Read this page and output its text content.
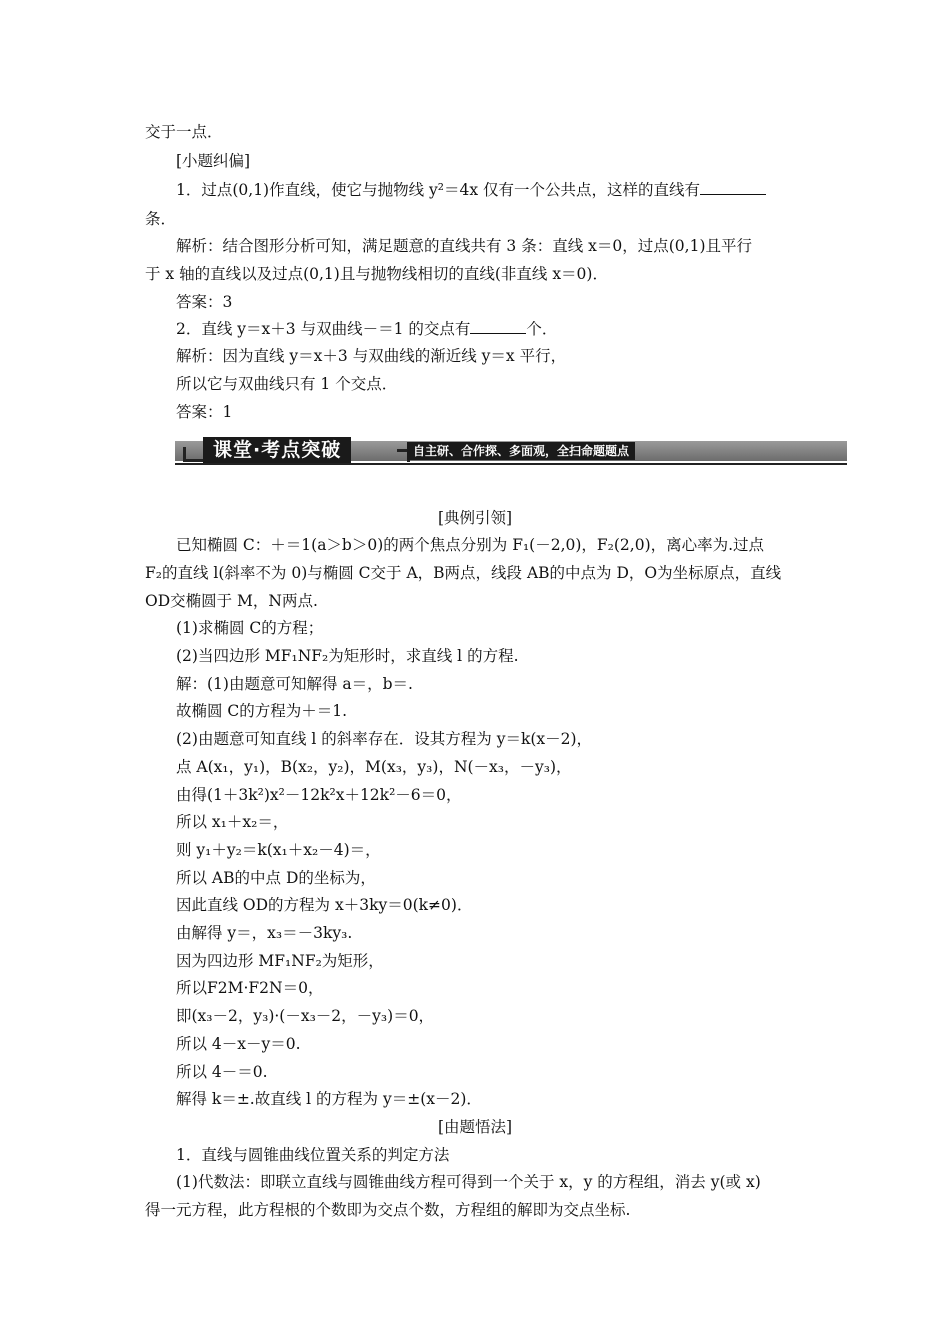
交于一点．
[小题纠偏]
1．过点(0,1)作直线，使它与抛物线 y²＝4x 仅有一个公共点，这样的直线有
条．
解析：结合图形分析可知，满足题意的直线共有 3 条：直线 x＝0，过点(0,1)且平行
于 x 轴的直线以及过点(0,1)且与抛物线相切的直线(非直线 x＝0)．
答案：3
2．直线 y＝x＋3 与双曲线－＝1 的交点有	个．
解析：因为直线 y＝x＋3 与双曲线的渐近线 y＝x 平行，
所以它与双曲线只有 1 个交点．
答案：1
课堂·考点突破	自主研、合作探、多面观，全扫命题题点
[典例引领]
已知椭圆 C：＋＝1(a＞b＞0)的两个焦点分别为 F₁(－2,0)，F₂(2,0)，离心率为.过点
F₂的直线 l(斜率不为 0)与椭圆 C交于 A，B两点，线段 AB的中点为 D，O为坐标原点，直线
OD交椭圆于 M，N两点.
(1)求椭圆 C的方程；
(2)当四边形 MF₁NF₂为矩形时，求直线 l 的方程.
解：(1)由题意可知解得 a＝，b＝.
故椭圆 C的方程为＋＝1.
(2)由题意可知直线 l 的斜率存在．设其方程为 y＝k(x－2)，
点 A(x₁，y₁)，B(x₂，y₂)，M(x₃，y₃)，N(－x₃，－y₃)，
由得(1＋3k²)x²－12k²x＋12k²－6＝0，
所以 x₁＋x₂＝，
则 y₁＋y₂＝k(x₁＋x₂－4)＝，
所以 AB的中点 D的坐标为，
因此直线 OD的方程为 x＋3ky＝0(k≠0)．
由解得 y＝，x₃＝－3ky₃.
因为四边形 MF₁NF₂为矩形，
所以F2M·F2N＝0，
即(x₃－2，y₃)·(－x₃－2，－y₃)＝0，
所以 4－x－y＝0.
所以 4－＝0.
解得 k＝±.故直线 l 的方程为 y＝±(x－2)．
[由题悟法]
1．直线与圆锥曲线位置关系的判定方法
(1)代数法：即联立直线与圆锥曲线方程可得到一个关于 x，y 的方程组，消去 y(或 x)
得一元方程，此方程根的个数即为交点个数，方程组的解即为交点坐标.
